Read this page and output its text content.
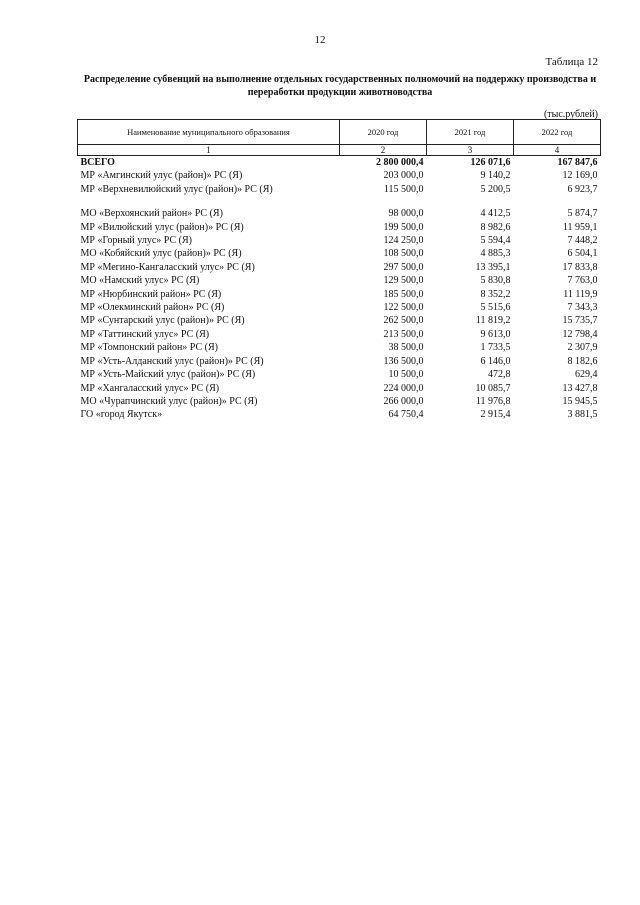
12
Таблица 12
Распределение субвенций на выполнение отдельных государственных полномочий на поддержку производства и переработки продукции животноводства
(тыс.рублей)
Наименование муниципального образования	2020 год	2021 год	2022 год
1	2	3	4
ВСЕГО	2 800 000,4	126 071,6	167 847,6
МР «Амгинский улус (район)» РС (Я)	203 000,0	9 140,2	12 169,0
МР «Верхневилюйский улус (район)» РС (Я)	115 500,0	5 200,5	6 923,7

МО «Верхоянский район» РС (Я)	98 000,0	4 412,5	5 874,7
МР «Вилюйский улус (район)» РС (Я)	199 500,0	8 982,6	11 959,1
МР «Горный улус» РС (Я)	124 250,0	5 594,4	7 448,2
МО «Кобяйский улус (район)» РС (Я)	108 500,0	4 885,3	6 504,1
МР «Мегино-Кангаласский улус» РС (Я)	297 500,0	13 395,1	17 833,8
МО «Намский улус» РС (Я)	129 500,0	5 830,8	7 763,0
МР «Нюрбинский район» РС (Я)	185 500,0	8 352,2	11 119,9
МР «Олекминский район» РС (Я)	122 500,0	5 515,6	7 343,3
МР «Сунтарский улус (район)» РС (Я)	262 500,0	11 819,2	15 735,7
МР «Таттинский улус» РС (Я)	213 500,0	9 613,0	12 798,4
МР «Томпонский район» РС (Я)	38 500,0	1 733,5	2 307,9
МР «Усть-Алданский улус (район)» РС (Я)	136 500,0	6 146,0	8 182,6
МР «Усть-Майский улус (район)» РС (Я)	10 500,0	472,8	629,4
МР «Хангаласский улус» РС (Я)	224 000,0	10 085,7	13 427,8
МО «Чурапчинский улус (район)» РС (Я)	266 000,0	11 976,8	15 945,5
ГО «город Якутск»	64 750,4	2 915,4	3 881,5
